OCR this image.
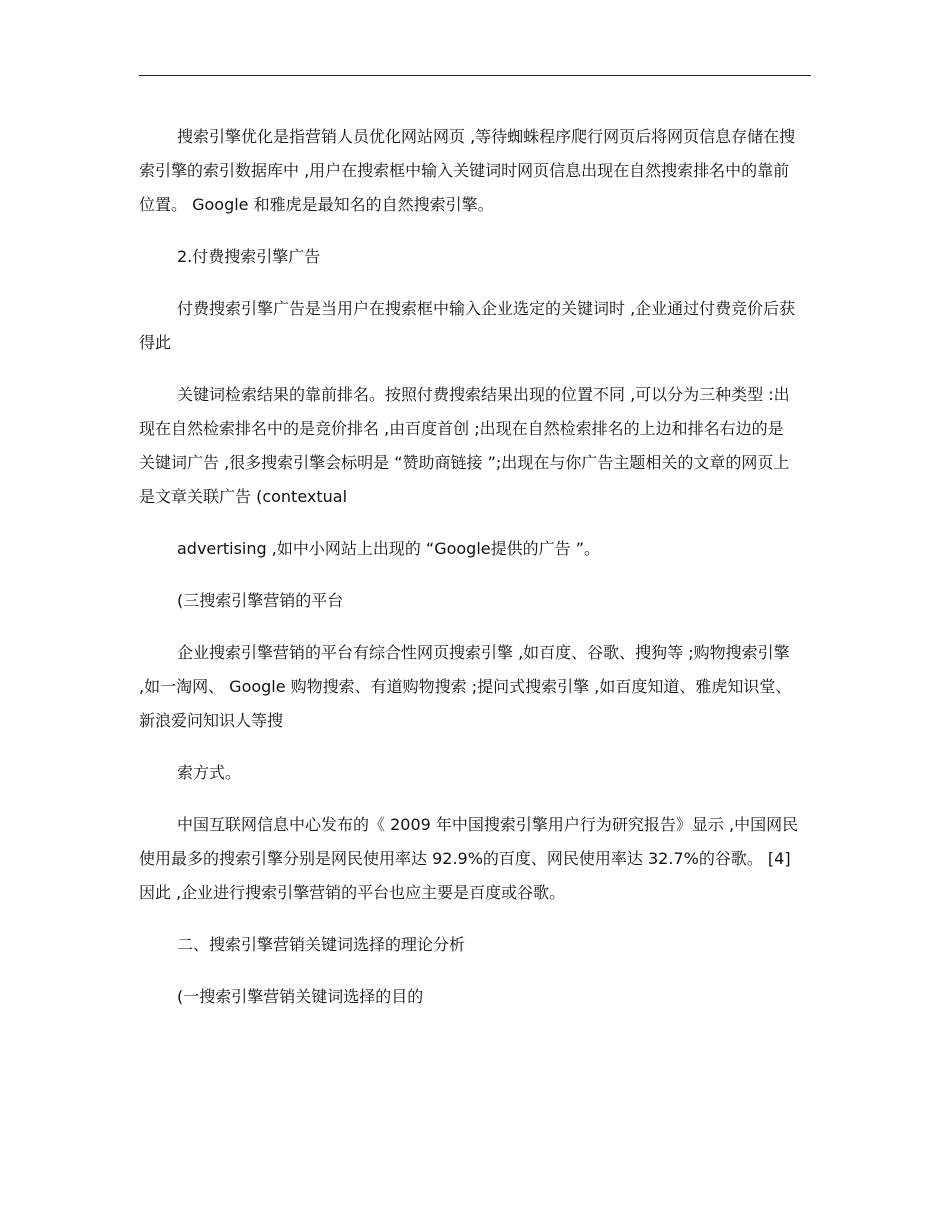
搜索引擎优化是指营销人员优化网站网页 ,等待蜘蛛程序爬行网页后将网页信息存储在搜索引擎的索引数据库中 ,用户在搜索框中输入关键词时网页信息出现在自然搜索排名中的靠前位置。 Google 和雅虎是最知名的自然搜索引擎。

2.付费搜索引擎广告

付费搜索引擎广告是当用户在搜索框中输入企业选定的关键词时 ,企业通过付费竞价后获得此

关键词检索结果的靠前排名。按照付费搜索结果出现的位置不同 ,可以分为三种类型 :出现在自然检索排名中的是竞价排名 ,由百度首创 ;出现在自然检索排名的上边和排名右边的是关键词广告 ,很多搜索引擎会标明是 “赞助商链接 ”;出现在与你广告主题相关的文章的网页上是文章关联广告 (contextual

advertising ,如中小网站上出现的 “Google提供的广告 ”。

(三搜索引擎营销的平台

企业搜索引擎营销的平台有综合性网页搜索引擎 ,如百度、谷歌、搜狗等 ;购物搜索引擎 ,如一淘网、 Google 购物搜索、有道购物搜索 ;提问式搜索引擎 ,如百度知道、雅虎知识堂、新浪爱问知识人等搜

索方式。

中国互联网信息中心发布的《 2009 年中国搜索引擎用户行为研究报告》显示 ,中国网民使用最多的搜索引擎分别是网民使用率达 92.9%的百度、网民使用率达 32.7%的谷歌。 [4] 因此 ,企业进行搜索引擎营销的平台也应主要是百度或谷歌。

二、搜索引擎营销关键词选择的理论分析

(一搜索引擎营销关键词选择的目的
